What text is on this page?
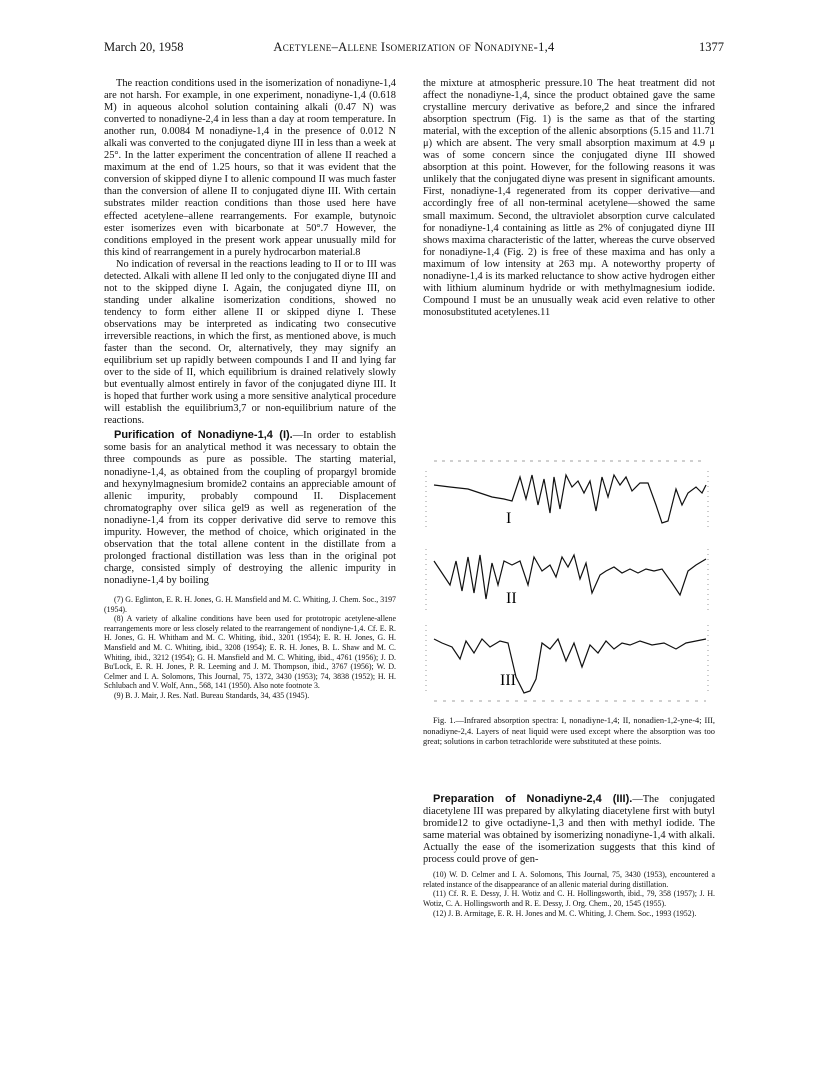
March 20, 1958	Acetylene–Allene Isomerization of Nonadiyne-1,4	1377

The reaction conditions used in the isomerization of nonadiyne-1,4 are not harsh. For example, in one experiment, nonadiyne-1,4 (0.618 M) in aqueous alcohol solution containing alkali (0.47 N) was converted to nonadiyne-2,4 in less than a day at room temperature. In another run, 0.0084 M nonadiyne-1,4 in the presence of 0.012 N alkali was converted to the conjugated diyne III in less than a week at 25°. In the latter experiment the concentration of allene II reached a maximum at the end of 1.25 hours, so that it was evident that the conversion of skipped diyne I to allenic compound II was much faster than the conversion of allene II to conjugated diyne III. With certain substrates milder reaction conditions than those used here have effected acetylene–allene rearrangements. For example, butynoic ester isomerizes even with bicarbonate at 50°.7 However, the conditions employed in the present work appear unusually mild for this kind of rearrangement in a purely hydrocarbon material.8

No indication of reversal in the reactions leading to II or to III was detected. Alkali with allene II led only to the conjugated diyne III and not to the skipped diyne I. Again, the conjugated diyne III, on standing under alkaline isomerization conditions, showed no tendency to form either allene II or skipped diyne I. These observations may be interpreted as indicating two consecutive irreversible reactions, in which the first, as mentioned above, is much faster than the second. Or, alternatively, they may signify an equilibrium set up rapidly between compounds I and II and lying far over to the side of II, which equilibrium is drained relatively slowly but eventually almost entirely in favor of the conjugated diyne III. It is hoped that further work using a more sensitive analytical procedure will establish the equilibrium3,7 or non-equilibrium nature of the reactions.

Purification of Nonadiyne-1,4 (I).—In order to establish some basis for an analytical method it was necessary to obtain the three compounds as pure as possible. The starting material, nonadiyne-1,4, as obtained from the coupling of propargyl bromide and hexynylmagnesium bromide2 contains an appreciable amount of allenic impurity, probably compound II. Displacement chromatography over silica gel9 as well as regeneration of the nonadiyne-1,4 from its copper derivative did serve to remove this impurity. However, the method of choice, which originated in the observation that the total allene content in the distillate from a prolonged fractional distillation was less than in the original pot charge, consisted simply of destroying the allenic impurity in nonadiyne-1,4 by boiling

(7) G. Eglinton, E. R. H. Jones, G. H. Mansfield and M. C. Whiting, J. Chem. Soc., 3197 (1954).

(8) A variety of alkaline conditions have been used for prototropic acetylene-allene rearrangements more or less closely related to the rearrangement of nondiyne-1,4. Cf. E. R. H. Jones, G. H. Whitham and M. C. Whiting, ibid., 3201 (1954); E. R. H. Jones, G. H. Mansfield and M. C. Whiting, ibid., 3208 (1954); E. R. H. Jones, B. L. Shaw and M. C. Whiting, ibid., 3212 (1954); G. H. Mansfield and M. C. Whiting, ibid., 4761 (1956); J. D. Bu'Lock, E. R. H. Jones, P. R. Leeming and J. M. Thompson, ibid., 3767 (1956); W. D. Celmer and I. A. Solomons, This Journal, 75, 1372, 3430 (1953); 74, 3838 (1952); H. H. Schlubach and V. Wolf, Ann., 568, 141 (1950). Also note footnote 3.

(9) B. J. Mair, J. Res. Natl. Bureau Standards, 34, 435 (1945).

the mixture at atmospheric pressure.10 The heat treatment did not affect the nonadiyne-1,4, since the product obtained gave the same crystalline mercury derivative as before,2 and since the infrared absorption spectrum (Fig. 1) is the same as that of the starting material, with the exception of the allenic absorptions (5.15 and 11.71 μ) which are absent. The very small absorption maximum at 4.9 μ was of some concern since the conjugated diyne III showed absorption at this point. However, for the following reasons it was unlikely that the conjugated diyne was present in significant amounts. First, nonadiyne-1,4 regenerated from its copper derivative—and accordingly free of all non-terminal acetylene—showed the same small maximum. Second, the ultraviolet absorption curve calculated for nonadiyne-1,4 containing as little as 2% of conjugated diyne III shows maxima characteristic of the latter, whereas the curve observed for nonadiyne-1,4 (Fig. 2) is free of these maxima and has only a maximum of low intensity at 263 mμ. A noteworthy property of nonadiyne-1,4 is its marked reluctance to show active hydrogen either with lithium aluminum hydride or with methylmagnesium iodide. Compound I must be an unusually weak acid even relative to other monosubstituted acetylenes.11

I
II
III

Fig. 1.—Infrared absorption spectra: I, nonadiyne-1,4; II, nonadien-1,2-yne-4; III, nonadiyne-2,4. Layers of neat liquid were used except where the absorption was too great; solutions in carbon tetrachloride were substituted at these points.

Preparation of Nonadiyne-2,4 (III).—The conjugated diacetylene III was prepared by alkylating diacetylene first with butyl bromide12 to give octadiyne-1,3 and then with methyl iodide. The same material was obtained by isomerizing nonadiyne-1,4 with alkali. Actually the ease of the isomerization suggests that this kind of process could prove of gen-

(10) W. D. Celmer and I. A. Solomons, This Journal, 75, 3430 (1953), encountered a related instance of the disappearance of an allenic material during distillation.

(11) Cf. R. E. Dessy, J. H. Wotiz and C. H. Hollingsworth, ibid., 79, 358 (1957); J. H. Wotiz, C. A. Hollingsworth and R. E. Dessy, J. Org. Chem., 20, 1545 (1955).

(12) J. B. Armitage, E. R. H. Jones and M. C. Whiting, J. Chem. Soc., 1993 (1952).
